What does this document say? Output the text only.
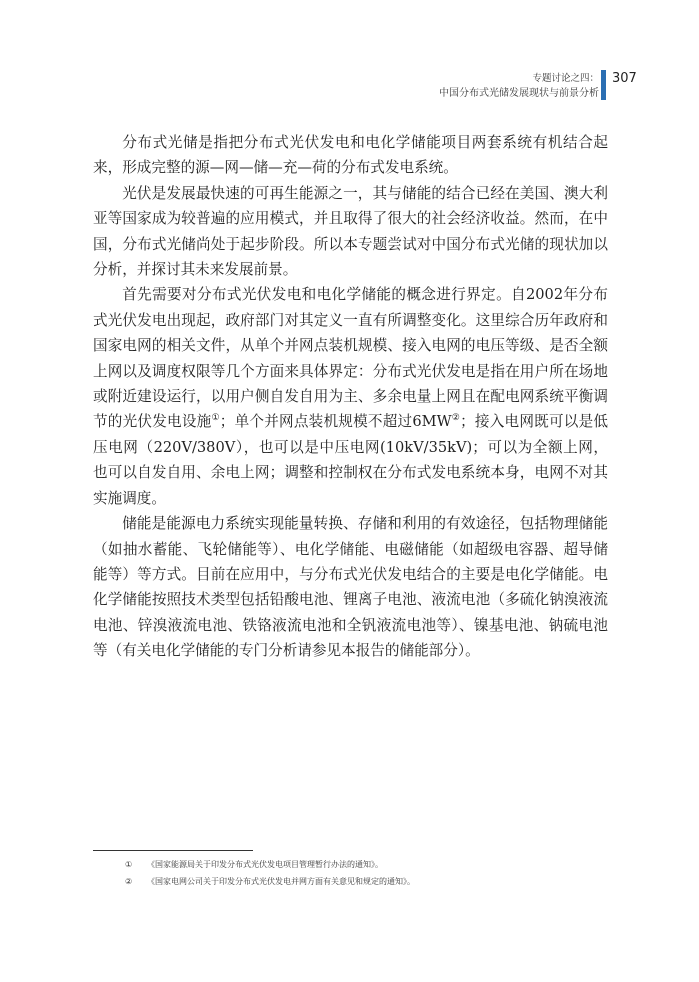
专题讨论之四：
中国分布式光储发展现状与前景分析
307

分布式光储是指把分布式光伏发电和电化学储能项目两套系统有机结合起来，形成完整的源—网—储—充—荷的分布式发电系统。

光伏是发展最快速的可再生能源之一，其与储能的结合已经在美国、澳大利亚等国家成为较普遍的应用模式，并且取得了很大的社会经济收益。然而，在中国，分布式光储尚处于起步阶段。所以本专题尝试对中国分布式光储的现状加以分析，并探讨其未来发展前景。

首先需要对分布式光伏发电和电化学储能的概念进行界定。自2002年分布式光伏发电出现起，政府部门对其定义一直有所调整变化。这里综合历年政府和国家电网的相关文件，从单个并网点装机规模、接入电网的电压等级、是否全额上网以及调度权限等几个方面来具体界定：分布式光伏发电是指在用户所在场地或附近建设运行，以用户侧自发自用为主、多余电量上网且在配电网系统平衡调节的光伏发电设施①；单个并网点装机规模不超过6MW②；接入电网既可以是低压电网（220V/380V），也可以是中压电网(10kV/35kV)；可以为全额上网，也可以自发自用、余电上网；调整和控制权在分布式发电系统本身，电网不对其实施调度。

储能是能源电力系统实现能量转换、存储和利用的有效途径，包括物理储能（如抽水蓄能、飞轮储能等）、电化学储能、电磁储能（如超级电容器、超导储能等）等方式。目前在应用中，与分布式光伏发电结合的主要是电化学储能。电化学储能按照技术类型包括铅酸电池、锂离子电池、液流电池（多硫化钠溴液流电池、锌溴液流电池、铁铬液流电池和全钒液流电池等）、镍基电池、钠硫电池等（有关电化学储能的专门分析请参见本报告的储能部分）。

① 《国家能源局关于印发分布式光伏发电项目管理暂行办法的通知》。
② 《国家电网公司关于印发分布式光伏发电并网方面有关意见和规定的通知》。
